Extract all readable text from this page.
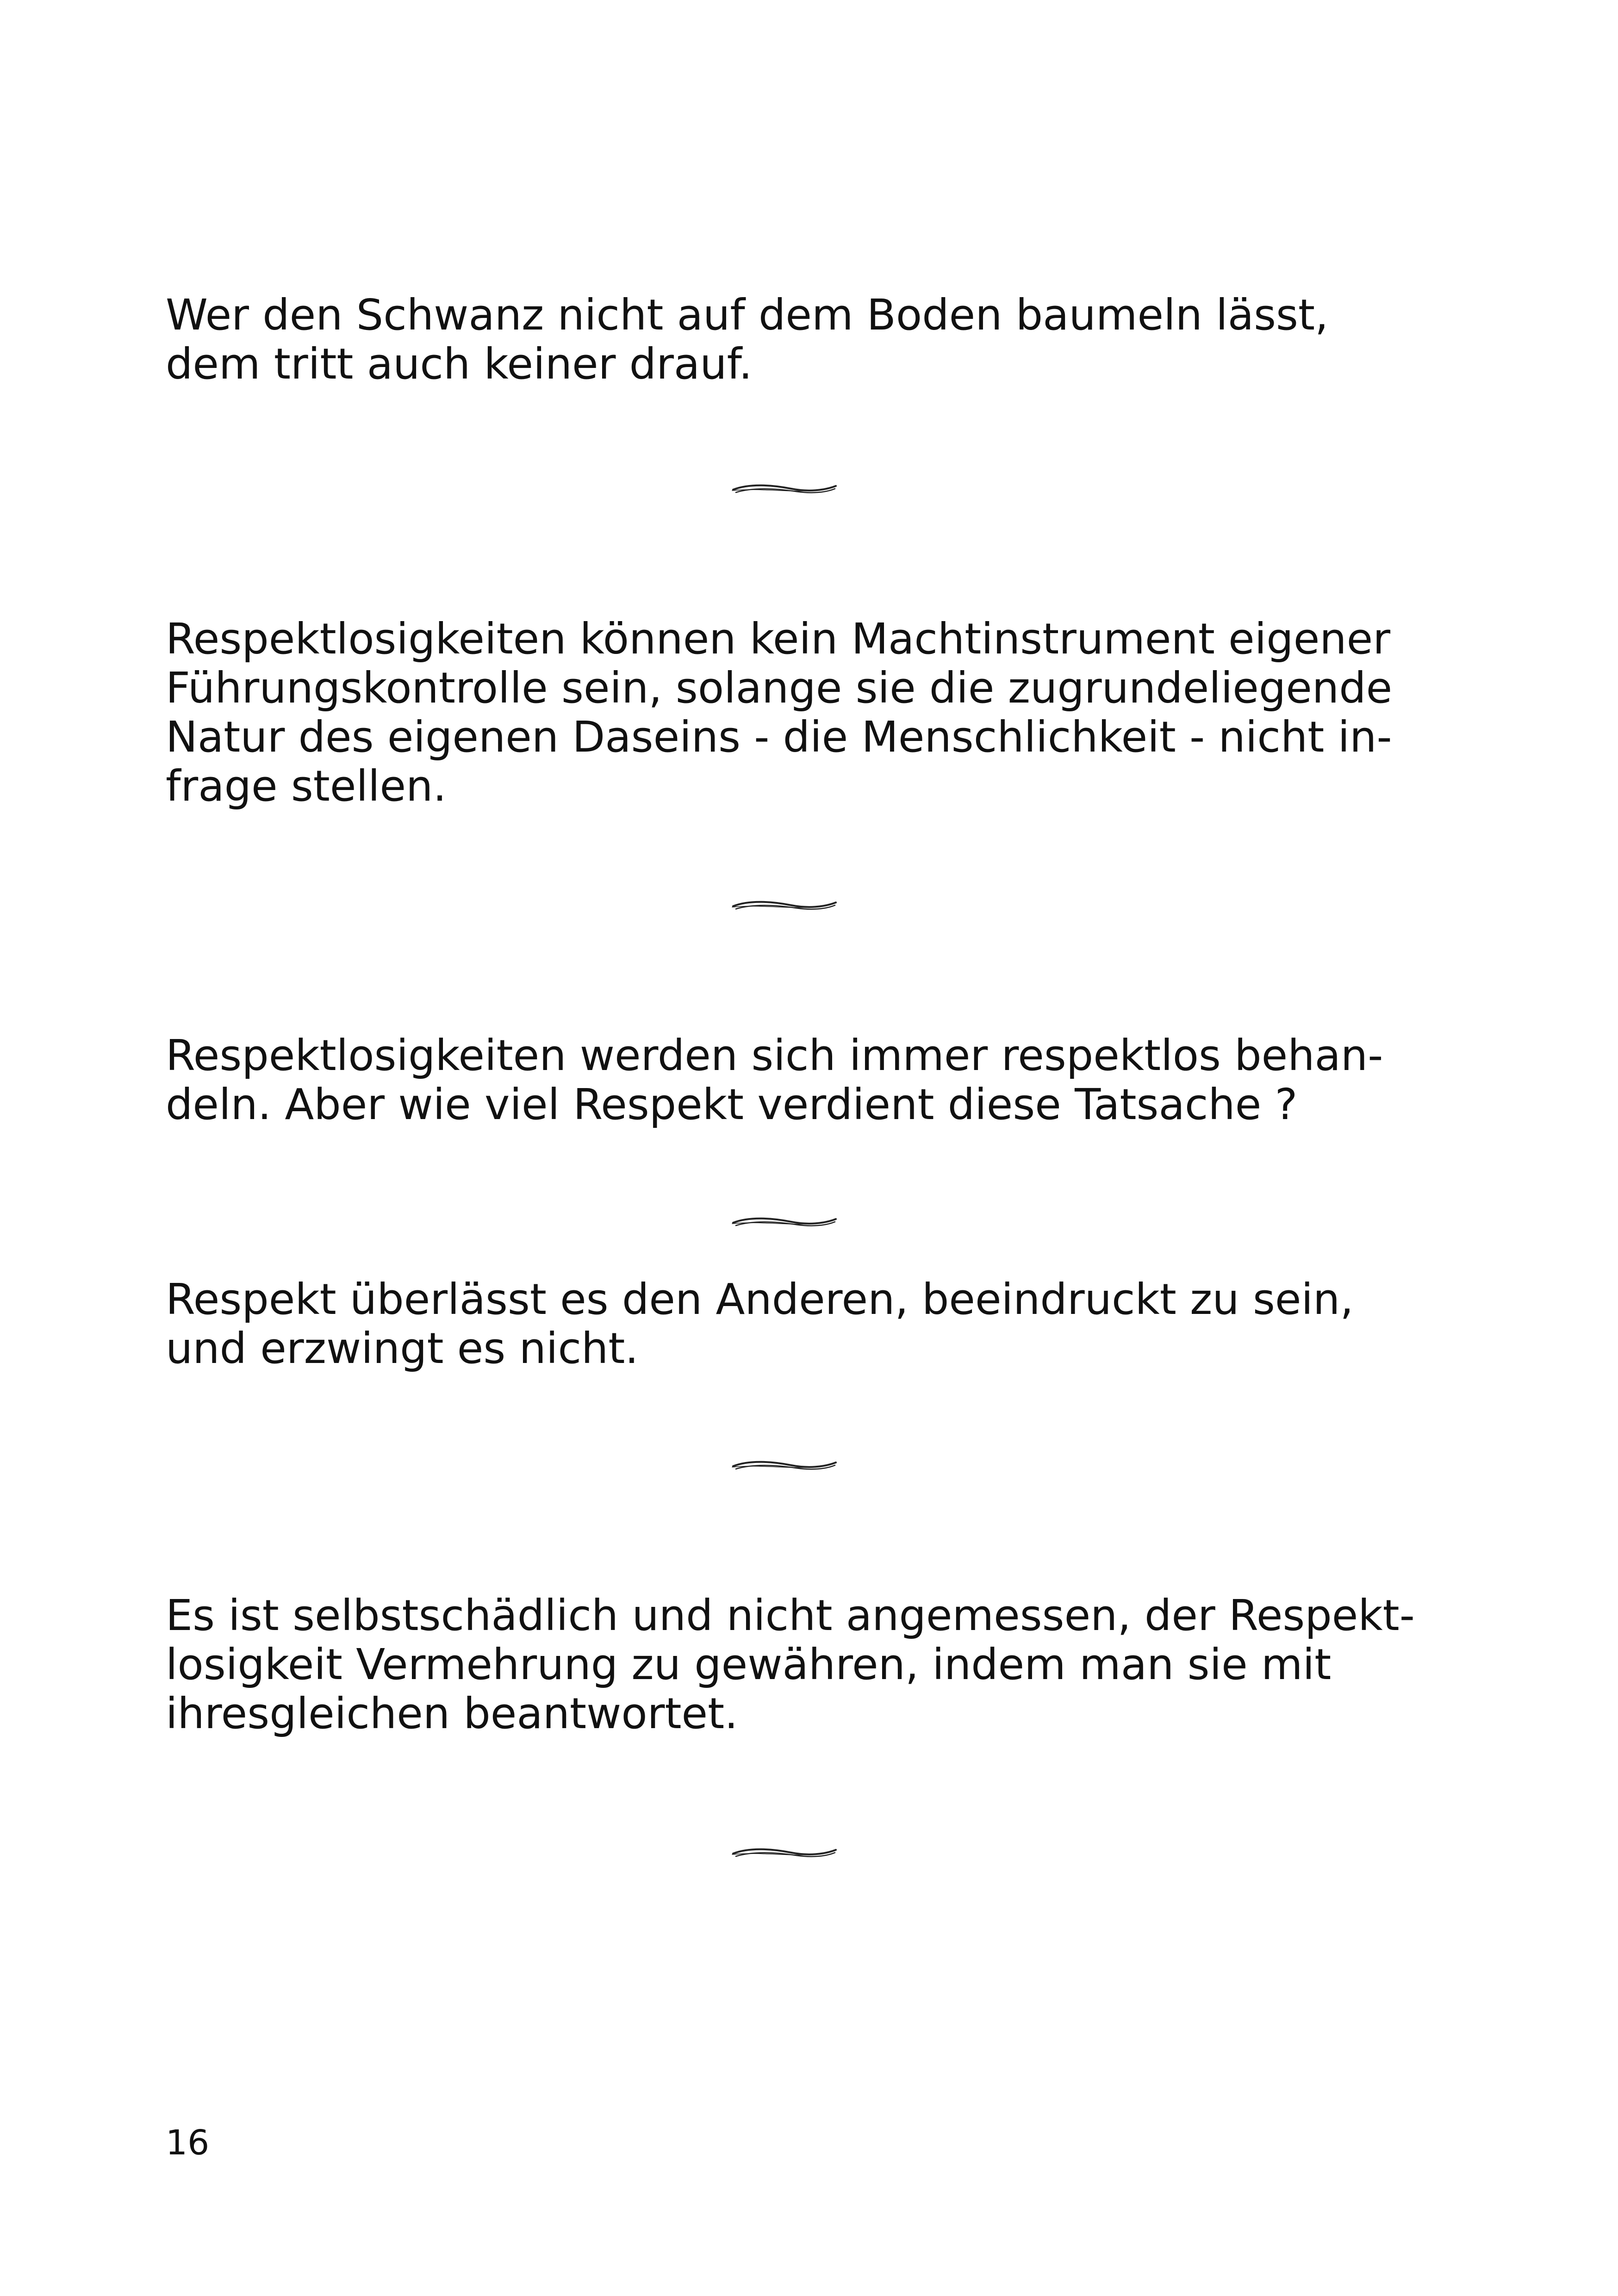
Wer den Schwanz nicht auf dem Boden baumeln lässt,
dem tritt auch keiner drauf.

Respektlosigkeiten können kein Machtinstrument eigener
Führungskontrolle sein, solange sie die zugrundeliegende
Natur des eigenen Daseins - die Menschlichkeit - nicht in-
frage stellen.

Respektlosigkeiten werden sich immer respektlos behan-
deln. Aber wie viel Respekt verdient diese Tatsache ?

Respekt überlässt es den Anderen, beeindruckt zu sein,
und erzwingt es nicht.

Es ist selbstschädlich und nicht angemessen, der Respekt-
losigkeit Vermehrung zu gewähren, indem man sie mit
ihresgleichen beantwortet.

16
